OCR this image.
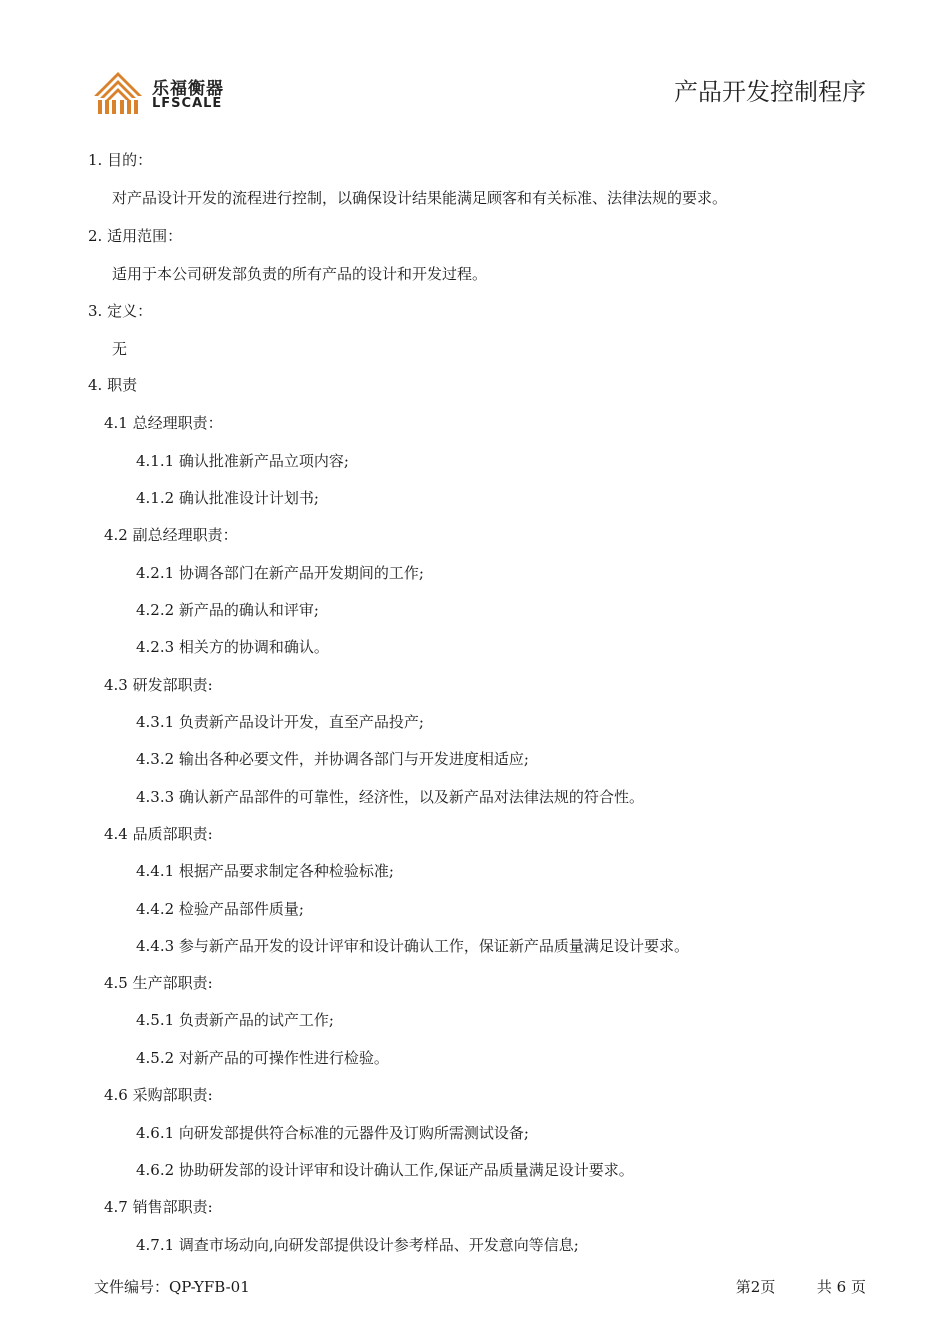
乐福衡器
LFSCALE	产品开发控制程序
1. 目的：
对产品设计开发的流程进行控制，以确保设计结果能满足顾客和有关标准、法律法规的要求。
2. 适用范围：
适用于本公司研发部负责的所有产品的设计和开发过程。
3. 定义：
无
4. 职责
4.1 总经理职责：
4.1.1 确认批准新产品立项内容;
4.1.2 确认批准设计计划书;
4.2 副总经理职责：
4.2.1 协调各部门在新产品开发期间的工作;
4.2.2 新产品的确认和评审;
4.2.3 相关方的协调和确认。
4.3 研发部职责:
4.3.1 负责新产品设计开发，直至产品投产;
4.3.2 输出各种必要文件，并协调各部门与开发进度相适应;
4.3.3 确认新产品部件的可靠性，经济性，以及新产品对法律法规的符合性。
4.4 品质部职责:
4.4.1 根据产品要求制定各种检验标准;
4.4.2 检验产品部件质量;
4.4.3 参与新产品开发的设计评审和设计确认工作，保证新产品质量满足设计要求。
4.5 生产部职责:
4.5.1 负责新产品的试产工作;
4.5.2 对新产品的可操作性进行检验。
4.6 采购部职责:
4.6.1 向研发部提供符合标准的元器件及订购所需测试设备;
4.6.2 协助研发部的设计评审和设计确认工作,保证产品质量满足设计要求。
4.7 销售部职责:
4.7.1 调查市场动向,向研发部提供设计参考样品、开发意向等信息;
文件编号：QP-YFB-01	第2页	共 6 页
